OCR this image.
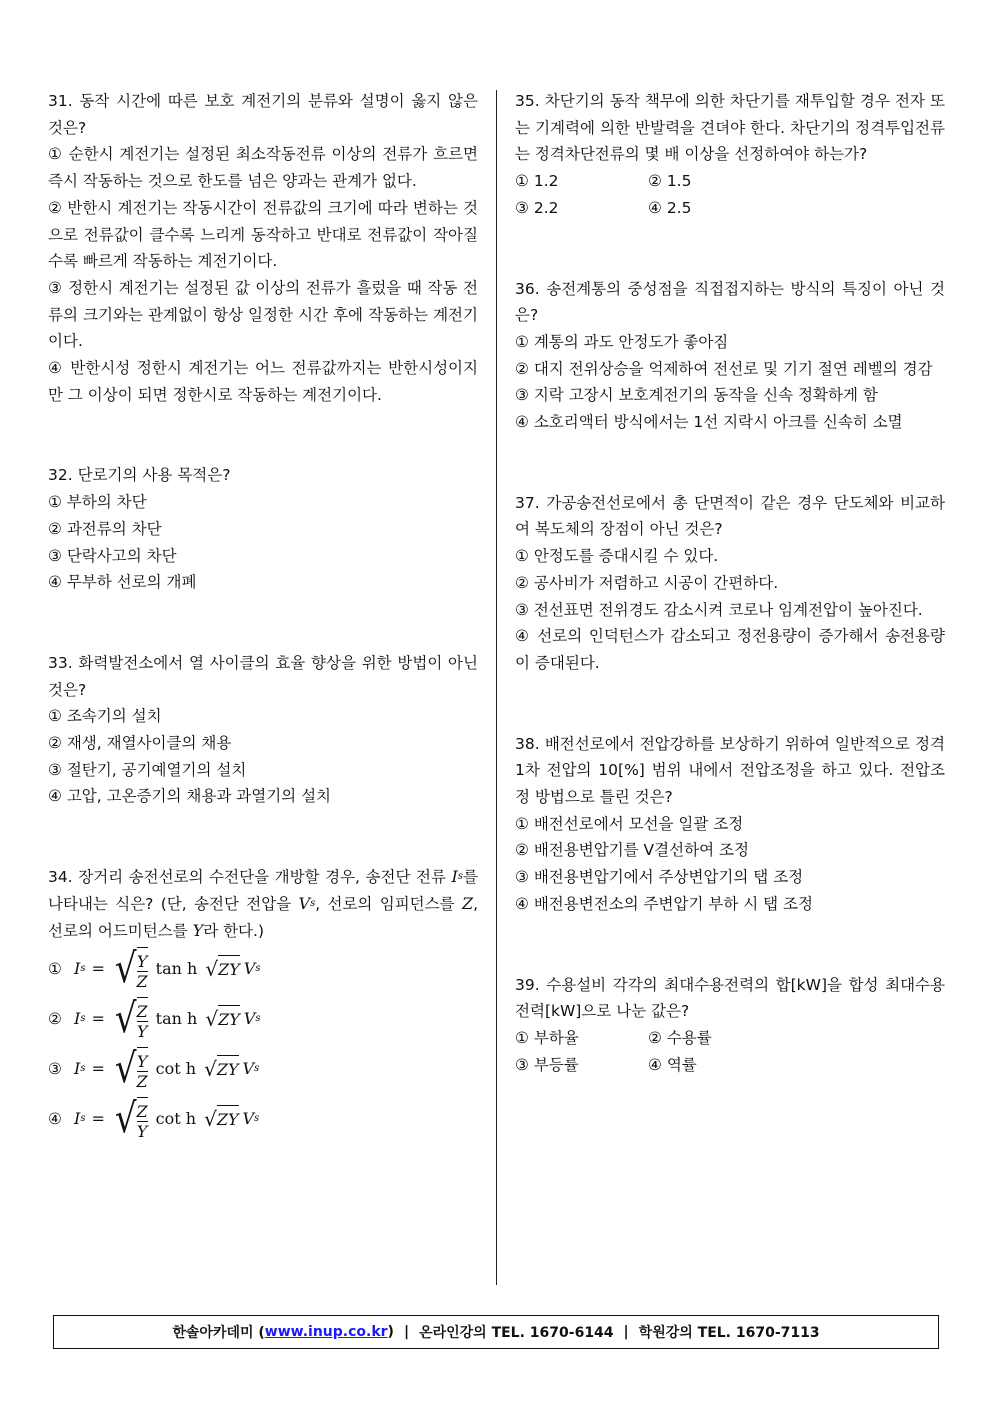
31. 동작 시간에 따른 보호 계전기의 분류와 설명이 옳지 않은 것은?

① 순한시 계전기는 설정된 최소작동전류 이상의 전류가 흐르면 즉시 작동하는 것으로 한도를 넘은 양과는 관계가 없다.

② 반한시 계전기는 작동시간이 전류값의 크기에 따라 변하는 것으로 전류값이 클수록 느리게 동작하고 반대로 전류값이 작아질수록 빠르게 작동하는 계전기이다.

③ 정한시 계전기는 설정된 값 이상의 전류가 흘렀을 때 작동 전류의 크기와는 관계없이 항상 일정한 시간 후에 작동하는 계전기이다.

④ 반한시성 정한시 계전기는 어느 전류값까지는 반한시성이지만 그 이상이 되면 정한시로 작동하는 계전기이다.

32. 단로기의 사용 목적은?

① 부하의 차단

② 과전류의 차단

③ 단락사고의 차단

④ 무부하 선로의 개폐

33. 화력발전소에서 열 사이클의 효율 향상을 위한 방법이 아닌 것은?

① 조속기의 설치

② 재생, 재열사이클의 채용

③ 절탄기, 공기예열기의 설치

④ 고압, 고온증기의 채용과 과열기의 설치

34. 장거리 송전선로의 수전단을 개방할 경우, 송전단 전류 I s 를 나타내는 식은? (단, 송전단 전압을 V s , 선로의 임피던스를 Z, 선로의 어드미턴스를 Y라 한다.)

① I s = √ $\frac{Y}{Z}$ tan h √ ZY V s
② I s = √ $\frac{Z}{Y}$ tan h √ ZY V s
③ I s = √ $\frac{Y}{Z}$ cot h √ ZY V s
④ I s = √ $\frac{Z}{Y}$ cot h √ ZY V s

35. 차단기의 동작 책무에 의한 차단기를 재투입할 경우 전자 또는 기계력에 의한 반발력을 견뎌야 한다. 차단기의 정격투입전류는 정격차단전류의 몇 배 이상을 선정하여야 하는가?

① 1.2	② 1.5

③ 2.2	④ 2.5

36. 송전계통의 중성점을 직접접지하는 방식의 특징이 아닌 것은?

① 계통의 과도 안정도가 좋아짐

② 대지 전위상승을 억제하여 전선로 및 기기 절연 레벨의 경감

③ 지락 고장시 보호계전기의 동작을 신속 정확하게 함

④ 소호리액터 방식에서는 1선 지락시 아크를 신속히 소멸

37. 가공송전선로에서 총 단면적이 같은 경우 단도체와 비교하여 복도체의 장점이 아닌 것은?

① 안정도를 증대시킬 수 있다.

② 공사비가 저렴하고 시공이 간편하다.

③ 전선표면 전위경도 감소시켜 코로나 임계전압이 높아진다.

④ 선로의 인덕턴스가 감소되고 정전용량이 증가해서 송전용량이 증대된다.

38. 배전선로에서 전압강하를 보상하기 위하여 일반적으로 정격 1차 전압의 10[%] 범위 내에서 전압조정을 하고 있다. 전압조정 방법으로 틀린 것은?

① 배전선로에서 모선을 일괄 조정

② 배전용변압기를 V결선하여 조정

③ 배전용변압기에서 주상변압기의 탭 조정

④ 배전용변전소의 주변압기 부하 시 탭 조정

39. 수용설비 각각의 최대수용전력의 합[kW]을 합성 최대수용전력[kW]으로 나눈 값은?

① 부하율	② 수용률

③ 부등률	④ 역률

한솔아카데미 ( www.inup.co.kr ) | 온라인강의 TEL. 1670-6144 | 학원강의 TEL. 1670-7113
